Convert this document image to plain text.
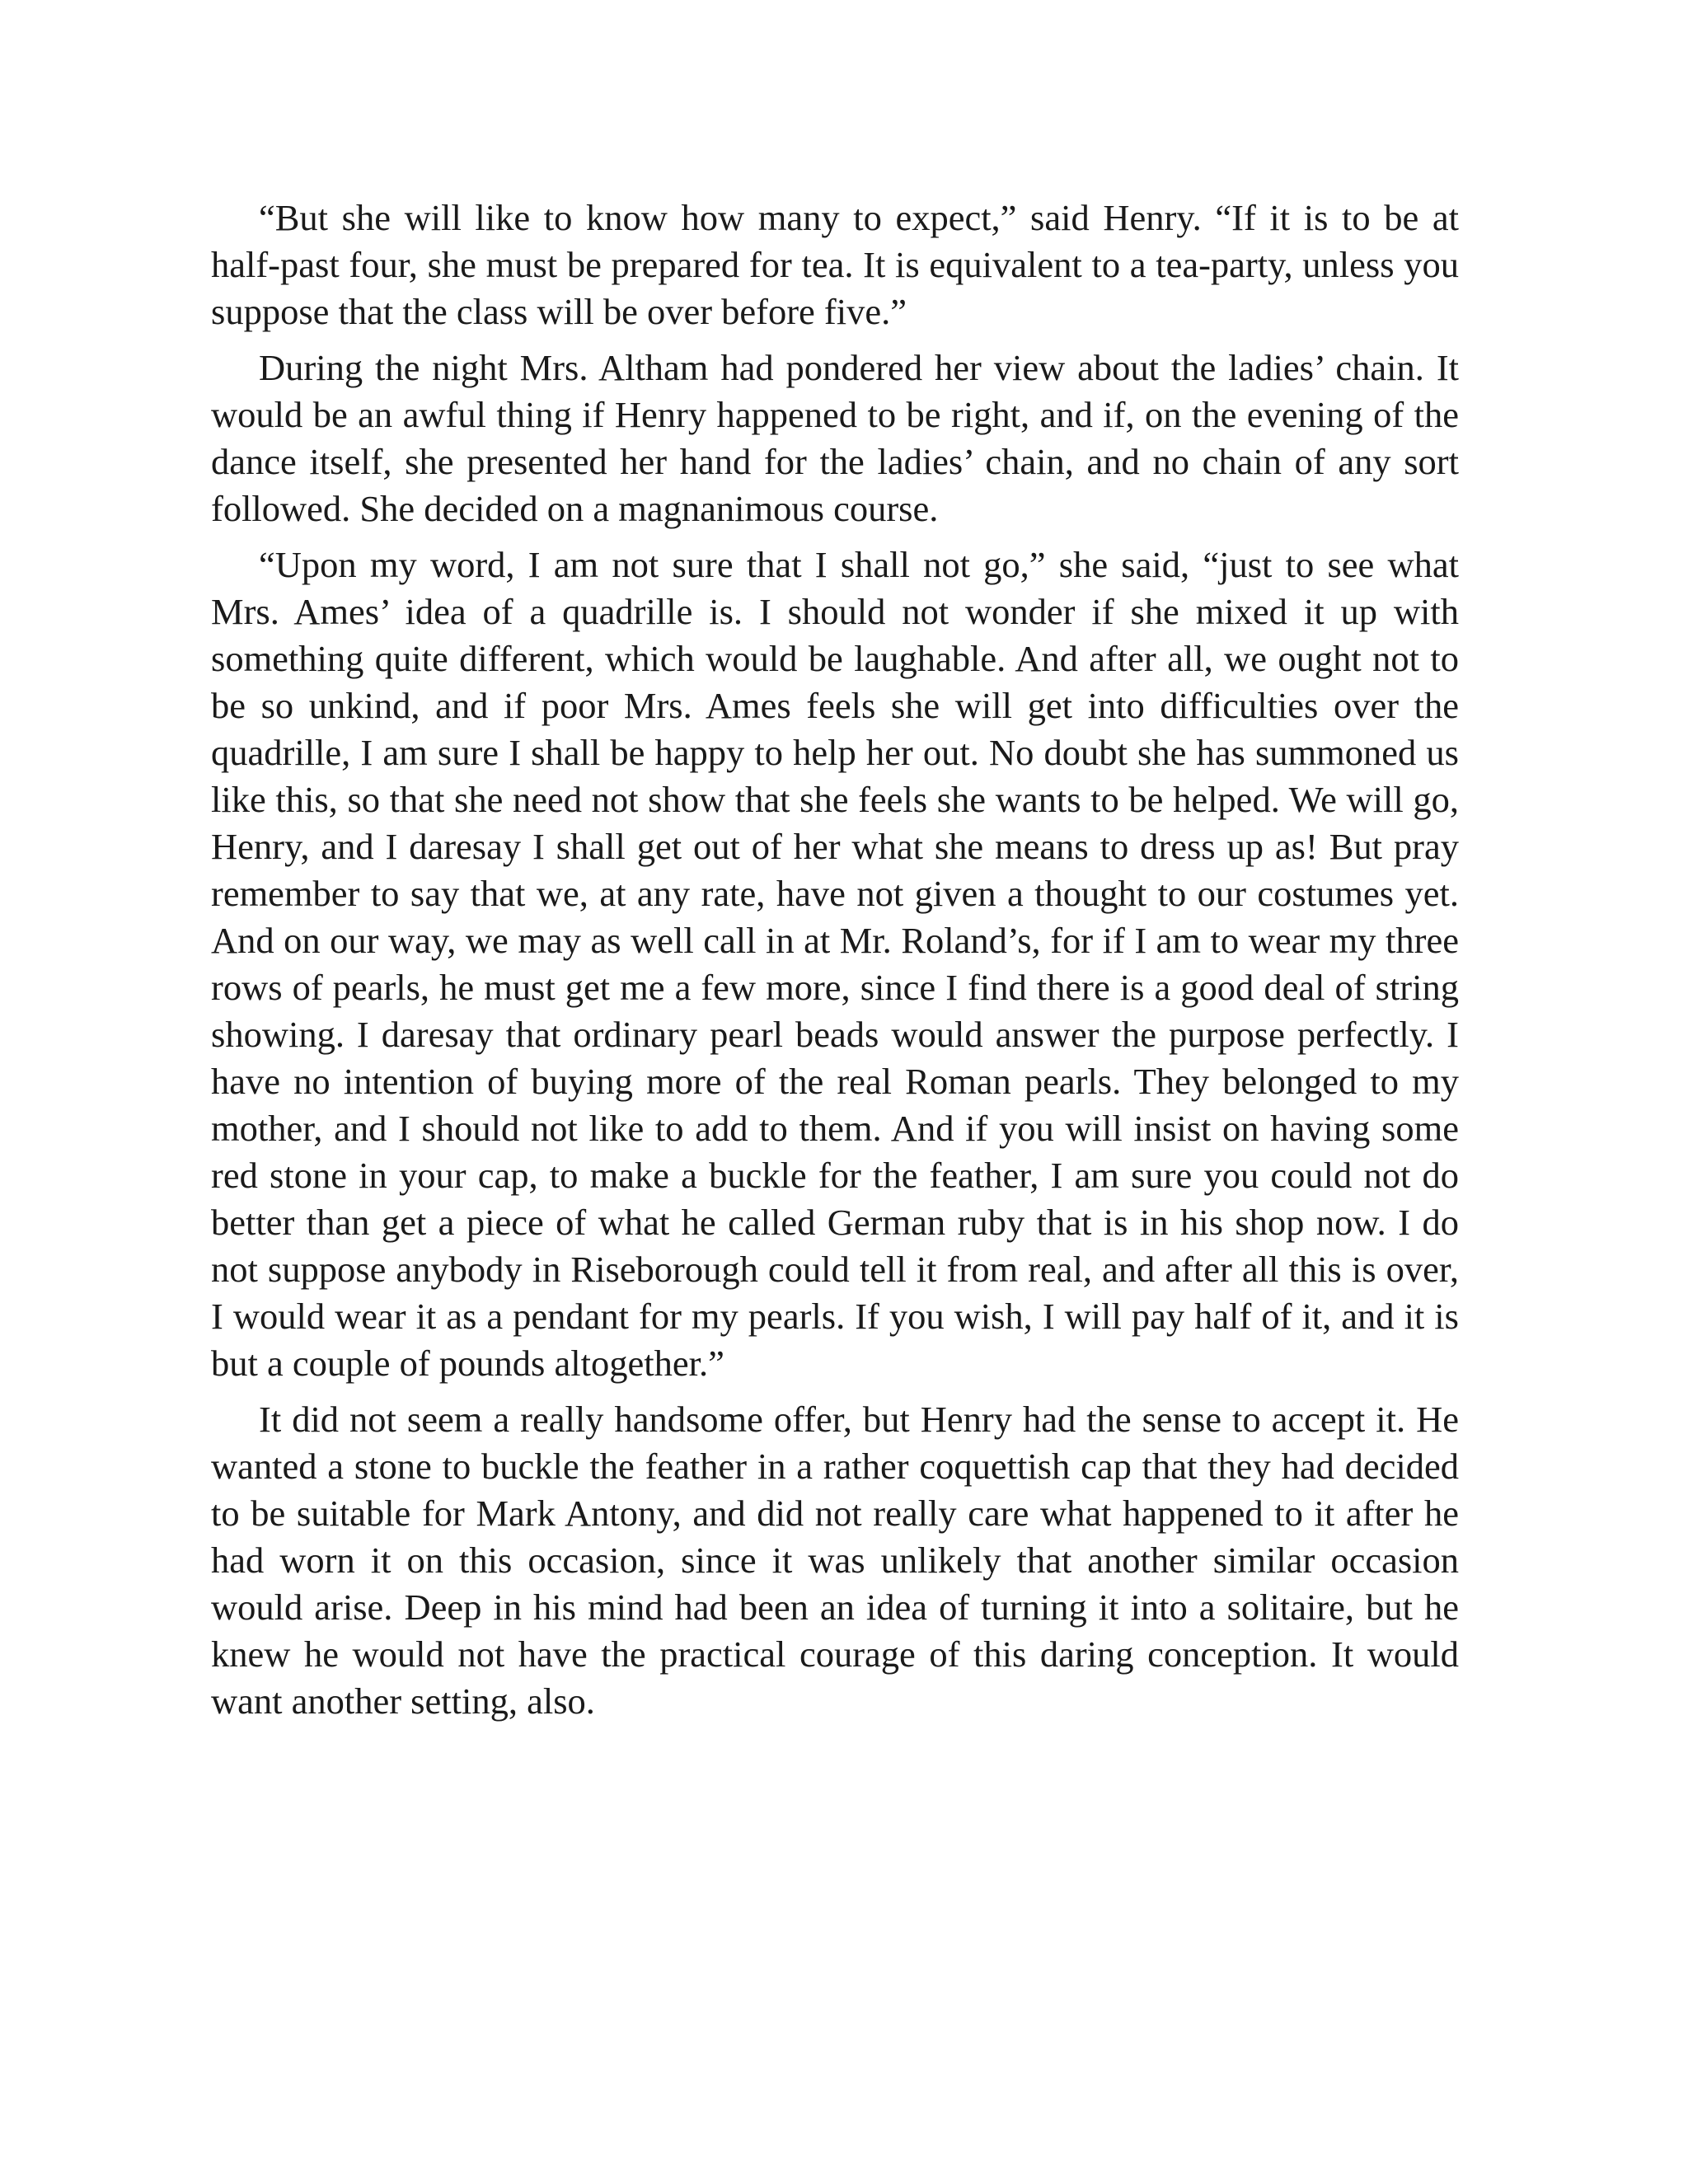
“But she will like to know how many to expect,” said Henry. “If it is to be at half-past four, she must be prepared for tea. It is equivalent to a tea-party, unless you suppose that the class will be over before five.”

During the night Mrs. Altham had pondered her view about the ladies’ chain. It would be an awful thing if Henry happened to be right, and if, on the evening of the dance itself, she presented her hand for the ladies’ chain, and no chain of any sort followed. She decided on a magnanimous course.

“Upon my word, I am not sure that I shall not go,” she said, “just to see what Mrs. Ames’ idea of a quadrille is. I should not wonder if she mixed it up with something quite different, which would be laughable. And after all, we ought not to be so unkind, and if poor Mrs. Ames feels she will get into difficulties over the quadrille, I am sure I shall be happy to help her out. No doubt she has summoned us like this, so that she need not show that she feels she wants to be helped. We will go, Henry, and I daresay I shall get out of her what she means to dress up as! But pray remember to say that we, at any rate, have not given a thought to our costumes yet. And on our way, we may as well call in at Mr. Roland’s, for if I am to wear my three rows of pearls, he must get me a few more, since I find there is a good deal of string showing. I daresay that ordinary pearl beads would answer the purpose perfectly. I have no intention of buying more of the real Roman pearls. They belonged to my mother, and I should not like to add to them. And if you will insist on having some red stone in your cap, to make a buckle for the feather, I am sure you could not do better than get a piece of what he called German ruby that is in his shop now. I do not suppose anybody in Riseborough could tell it from real, and after all this is over, I would wear it as a pendant for my pearls. If you wish, I will pay half of it, and it is but a couple of pounds altogether.”

It did not seem a really handsome offer, but Henry had the sense to accept it. He wanted a stone to buckle the feather in a rather coquettish cap that they had decided to be suitable for Mark Antony, and did not really care what happened to it after he had worn it on this occasion, since it was unlikely that another similar occasion would arise. Deep in his mind had been an idea of turning it into a solitaire, but he knew he would not have the practical courage of this daring conception. It would want another setting, also.
